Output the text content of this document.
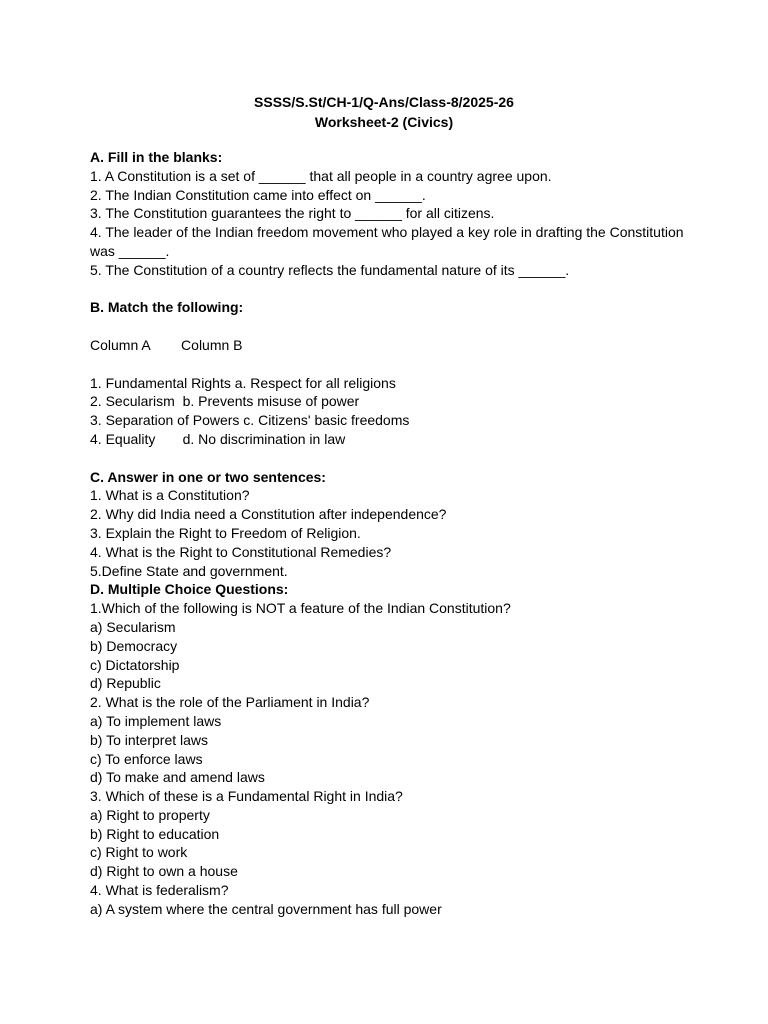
SSSS/S.St/CH-1/Q-Ans/Class-8/2025-26
Worksheet-2 (Civics)
A. Fill in the blanks:
1. A Constitution is a set of ______ that all people in a country agree upon.
2. The Indian Constitution came into effect on ______.
3. The Constitution guarantees the right to ______ for all citizens.
4. The leader of the Indian freedom movement who played a key role in drafting the Constitution was ______.
5. The Constitution of a country reflects the fundamental nature of its ______.
B. Match the following:
Column A        Column B
1. Fundamental Rights a. Respect for all religions
2. Secularism  b. Prevents misuse of power
3. Separation of Powers c. Citizens' basic freedoms
4. Equality       d. No discrimination in law
C. Answer in one or two sentences:
1. What is a Constitution?
2. Why did India need a Constitution after independence?
3. Explain the Right to Freedom of Religion.
4. What is the Right to Constitutional Remedies?
5.Define State and government.
D. Multiple Choice Questions:
1.Which of the following is NOT a feature of the Indian Constitution?
a) Secularism
b) Democracy
c) Dictatorship
d) Republic
2. What is the role of the Parliament in India?
a) To implement laws
b) To interpret laws
c) To enforce laws
d) To make and amend laws
3. Which of these is a Fundamental Right in India?
a) Right to property
b) Right to education
c) Right to work
d) Right to own a house
4. What is federalism?
a) A system where the central government has full power
